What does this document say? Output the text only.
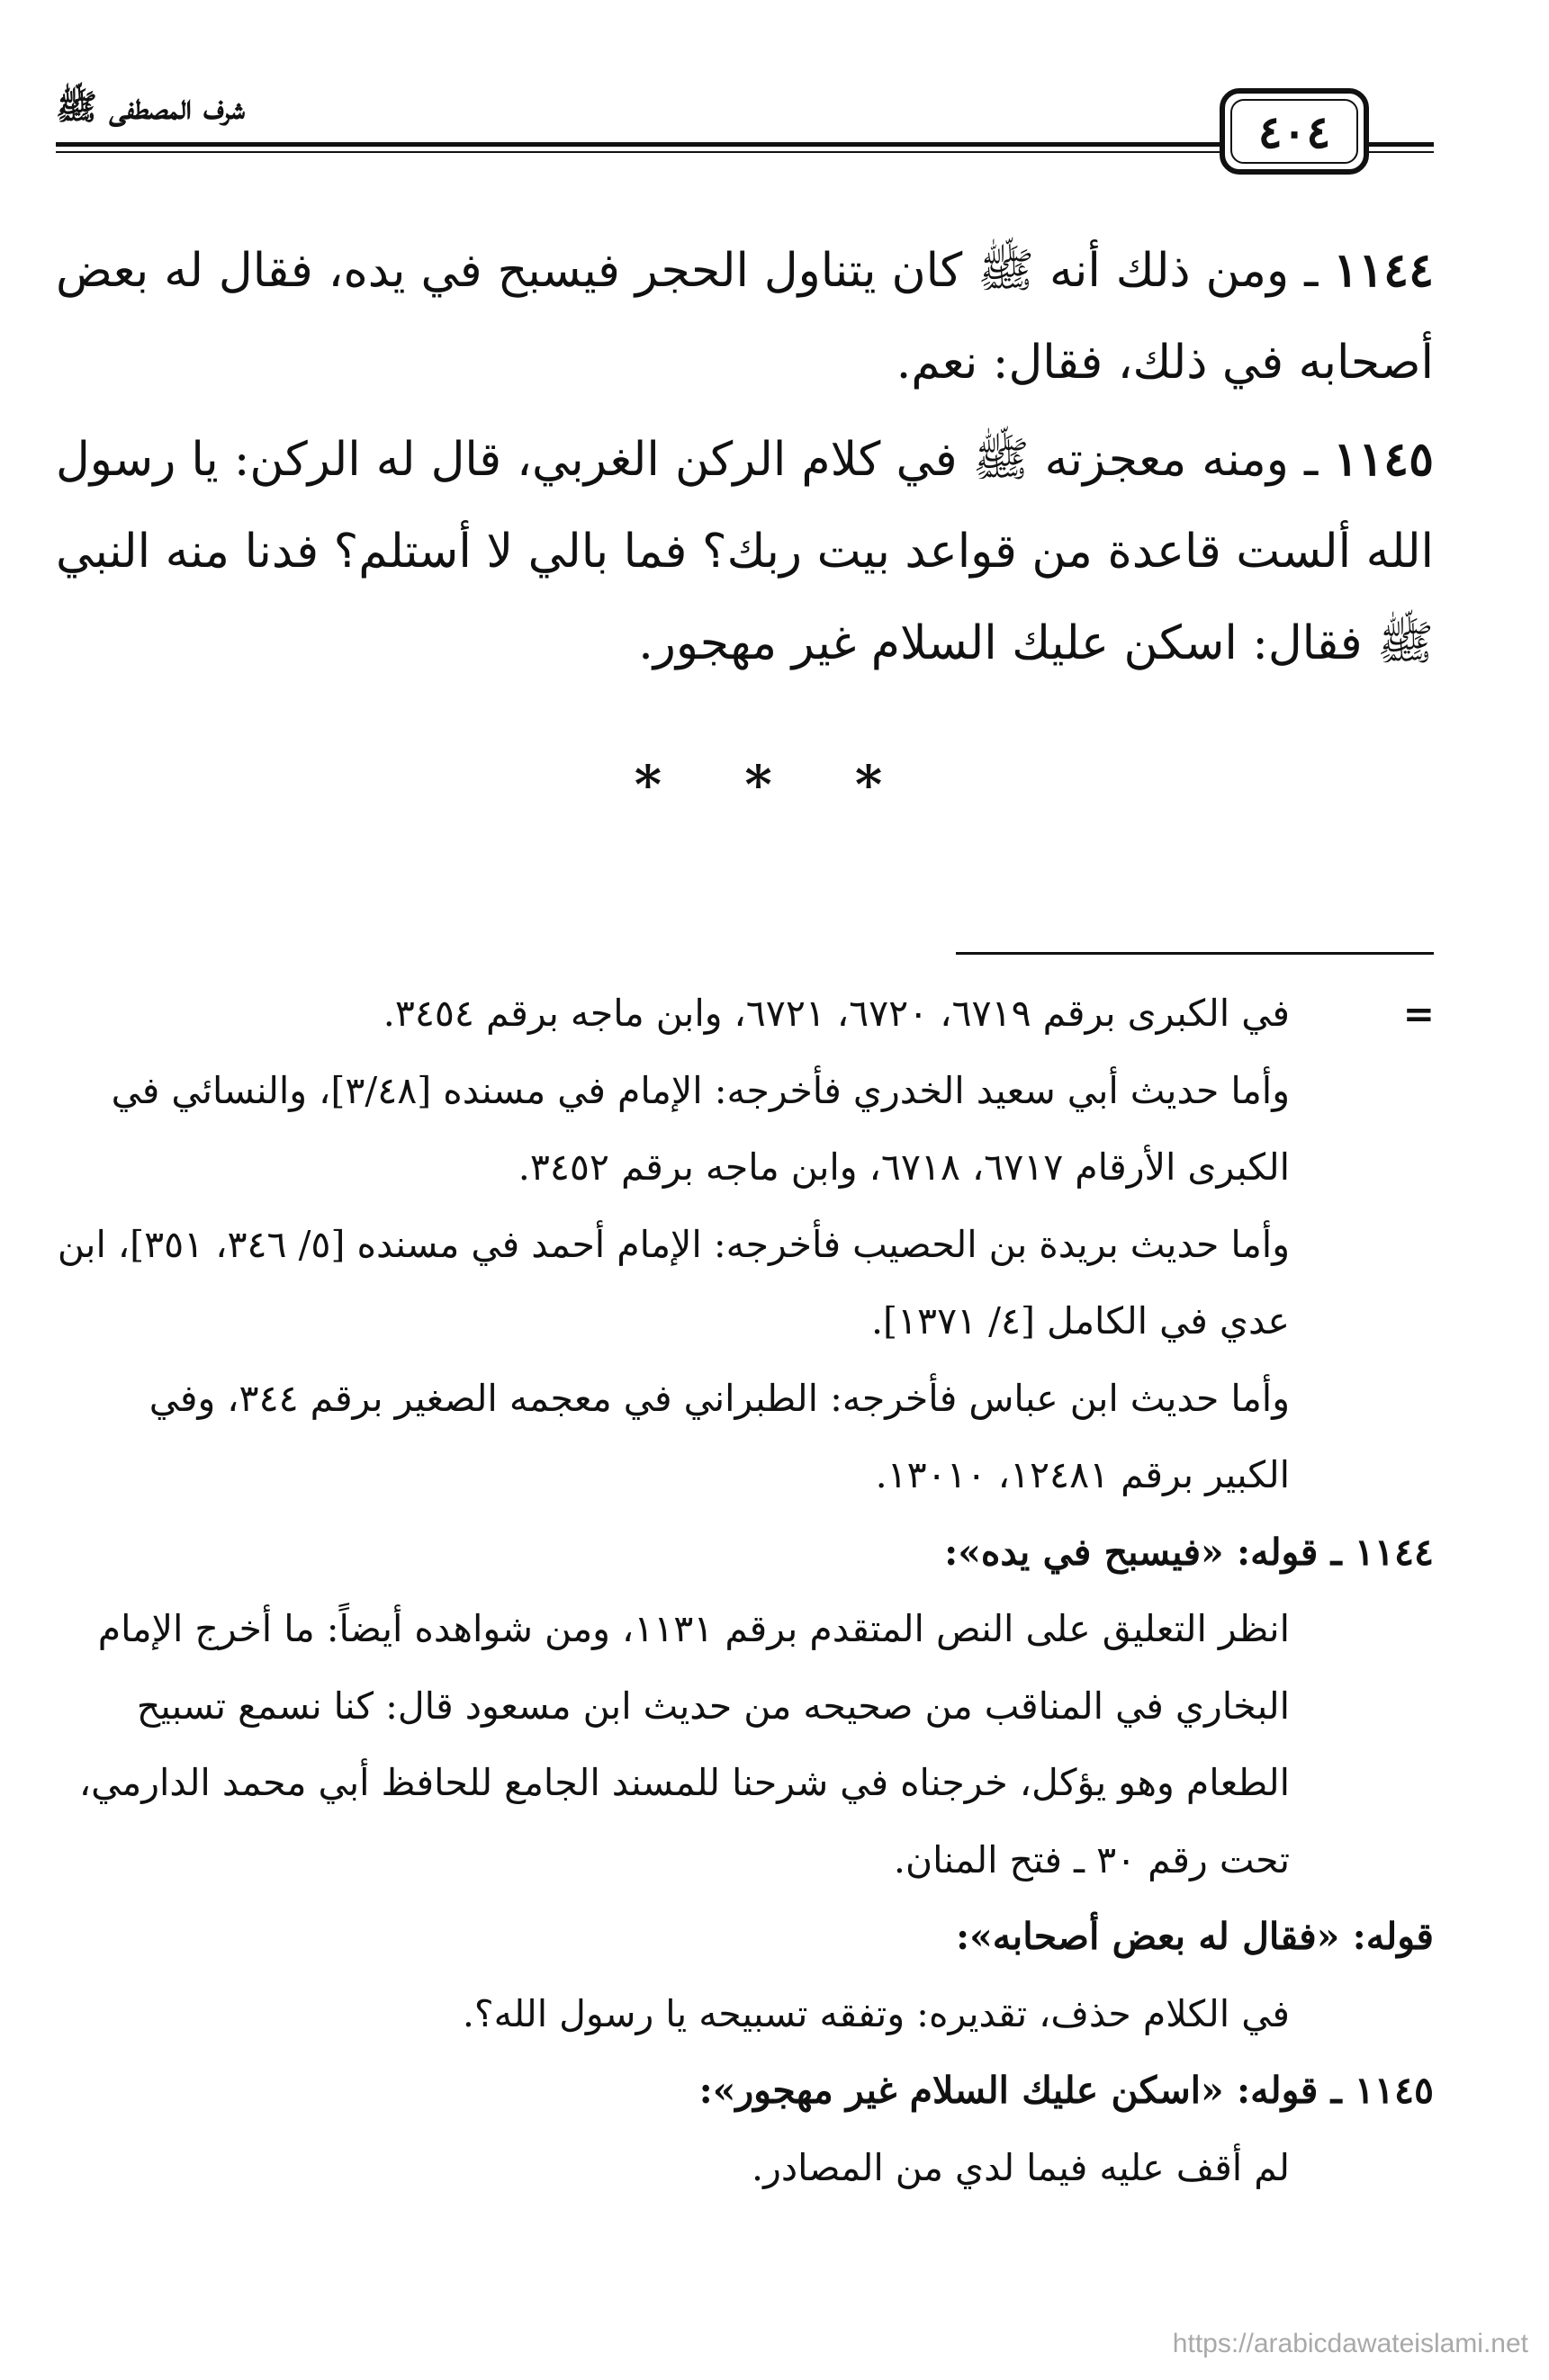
شرف المصطفى ﷺ	٤٠٤

١١٤٤ ـ ومن ذلك أنه ﷺ كان يتناول الحجر فيسبح في يده، فقال له بعض أصحابه في ذلك، فقال: نعم.

١١٤٥ ـ ومنه معجزته ﷺ في كلام الركن الغربي، قال له الركن: يا رسول الله ألست قاعدة من قواعد بيت ربك؟ فما بالي لا أستلم؟ فدنا منه النبي ﷺ فقال: اسكن عليك السلام غير مهجور.

* * *
=

في الكبرى برقم ٦٧١٩، ٦٧٢٠، ٦٧٢١، وابن ماجه برقم ٣٤٥٤.

وأما حديث أبي سعيد الخدري فأخرجه: الإمام في مسنده [٣/٤٨]، والنسائي في الكبرى الأرقام ٦٧١٧، ٦٧١٨، وابن ماجه برقم ٣٤٥٢.

وأما حديث بريدة بن الحصيب فأخرجه: الإمام أحمد في مسنده [٥/ ٣٤٦، ٣٥١]، ابن عدي في الكامل [٤/ ١٣٧١].

وأما حديث ابن عباس فأخرجه: الطبراني في معجمه الصغير برقم ٣٤٤، وفي الكبير برقم ١٢٤٨١، ١٣٠١٠.

١١٤٤ ـ قوله: «فيسبح في يده»:

انظر التعليق على النص المتقدم برقم ١١٣١، ومن شواهده أيضاً: ما أخرج الإمام البخاري في المناقب من صحيحه من حديث ابن مسعود قال: كنا نسمع تسبيح الطعام وهو يؤكل، خرجناه في شرحنا للمسند الجامع للحافظ أبي محمد الدارمي، تحت رقم ٣٠ ـ فتح المنان.

قوله: «فقال له بعض أصحابه»:

في الكلام حذف، تقديره: وتفقه تسبيحه يا رسول الله؟.

١١٤٥ ـ قوله: «اسكن عليك السلام غير مهجور»:

لم أقف عليه فيما لدي من المصادر.

https://arabicdawateislami.net
